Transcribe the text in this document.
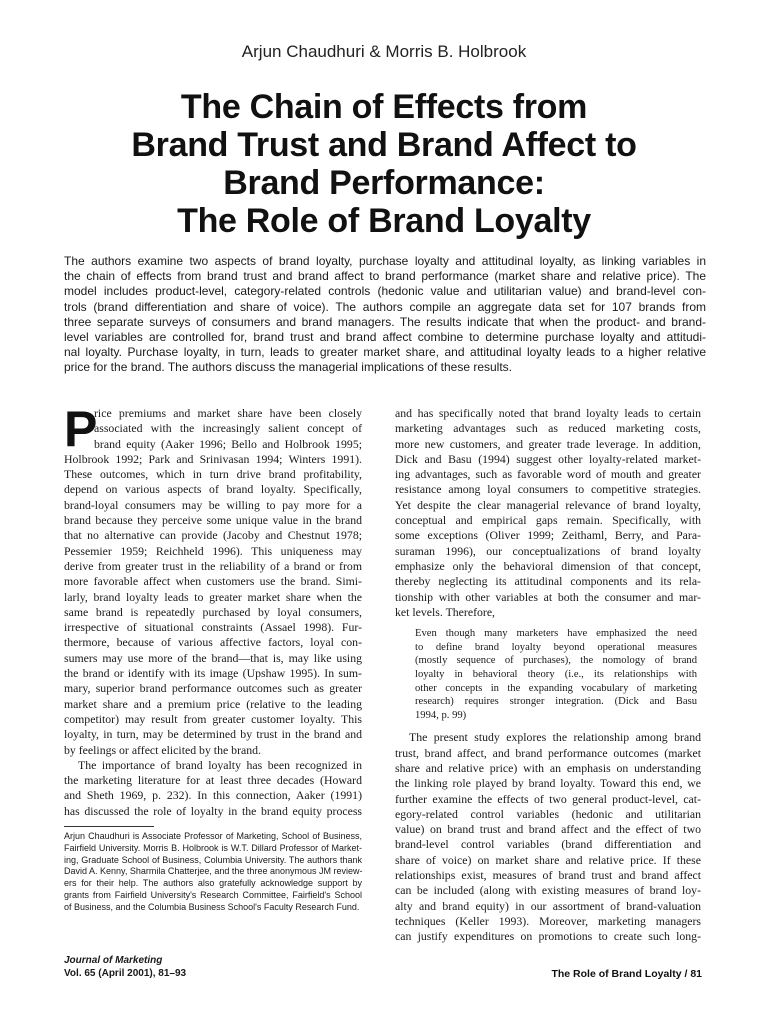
Arjun Chaudhuri & Morris B. Holbrook
The Chain of Effects from
Brand Trust and Brand Affect to
Brand Performance:
The Role of Brand Loyalty
The authors examine two aspects of brand loyalty, purchase loyalty and attitudinal loyalty, as linking variables in
the chain of effects from brand trust and brand affect to brand performance (market share and relative price). The
model includes product-level, category-related controls (hedonic value and utilitarian value) and brand-level con-
trols (brand differentiation and share of voice). The authors compile an aggregate data set for 107 brands from
three separate surveys of consumers and brand managers. The results indicate that when the product- and brand-
level variables are controlled for, brand trust and brand affect combine to determine purchase loyalty and attitudi-
nal loyalty. Purchase loyalty, in turn, leads to greater market share, and attitudinal loyalty leads to a higher relative
price for the brand. The authors discuss the managerial implications of these results.
P
rice premiums and market share have been closely
associated with the increasingly salient concept of
brand equity (Aaker 1996; Bello and Holbrook 1995;
Holbrook 1992; Park and Srinivasan 1994; Winters 1991).
These outcomes, which in turn drive brand profitability,
depend on various aspects of brand loyalty. Specifically,
brand-loyal consumers may be willing to pay more for a
brand because they perceive some unique value in the brand
that no alternative can provide (Jacoby and Chestnut 1978;
Pessemier 1959; Reichheld 1996). This uniqueness may
derive from greater trust in the reliability of a brand or from
more favorable affect when customers use the brand. Simi-
larly, brand loyalty leads to greater market share when the
same brand is repeatedly purchased by loyal consumers,
irrespective of situational constraints (Assael 1998). Fur-
thermore, because of various affective factors, loyal con-
sumers may use more of the brand—that is, may like using
the brand or identify with its image (Upshaw 1995). In sum-
mary, superior brand performance outcomes such as greater
market share and a premium price (relative to the leading
competitor) may result from greater customer loyalty. This
loyalty, in turn, may be determined by trust in the brand and
by feelings or affect elicited by the brand.
The importance of brand loyalty has been recognized in
the marketing literature for at least three decades (Howard
and Sheth 1969, p. 232). In this connection, Aaker (1991)
has discussed the role of loyalty in the brand equity process
Arjun Chaudhuri is Associate Professor of Marketing, School of Business,
Fairfield University. Morris B. Holbrook is W.T. Dillard Professor of Market-
ing, Graduate School of Business, Columbia University. The authors thank
David A. Kenny, Sharmila Chatterjee, and the three anonymous JM review-
ers for their help. The authors also gratefully acknowledge support by
grants from Fairfield University's Research Committee, Fairfield's School
of Business, and the Columbia Business School's Faculty Research Fund.
and has specifically noted that brand loyalty leads to certain
marketing advantages such as reduced marketing costs,
more new customers, and greater trade leverage. In addition,
Dick and Basu (1994) suggest other loyalty-related market-
ing advantages, such as favorable word of mouth and greater
resistance among loyal consumers to competitive strategies.
Yet despite the clear managerial relevance of brand loyalty,
conceptual and empirical gaps remain. Specifically, with
some exceptions (Oliver 1999; Zeithaml, Berry, and Para-
suraman 1996), our conceptualizations of brand loyalty
emphasize only the behavioral dimension of that concept,
thereby neglecting its attitudinal components and its rela-
tionship with other variables at both the consumer and mar-
ket levels. Therefore,
Even though many marketers have emphasized the need
to define brand loyalty beyond operational measures
(mostly sequence of purchases), the nomology of brand
loyalty in behavioral theory (i.e., its relationships with
other concepts in the expanding vocabulary of marketing
research) requires stronger integration. (Dick and Basu
1994, p. 99)
The present study explores the relationship among brand
trust, brand affect, and brand performance outcomes (market
share and relative price) with an emphasis on understanding
the linking role played by brand loyalty. Toward this end, we
further examine the effects of two general product-level, cat-
egory-related control variables (hedonic and utilitarian
value) on brand trust and brand affect and the effect of two
brand-level control variables (brand differentiation and
share of voice) on market share and relative price. If these
relationships exist, measures of brand trust and brand affect
can be included (along with existing measures of brand loy-
alty and brand equity) in our assortment of brand-valuation
techniques (Keller 1993). Moreover, marketing managers
can justify expenditures on promotions to create such long-
Journal of Marketing
Vol. 65 (April 2001), 81–93	The Role of Brand Loyalty / 81
